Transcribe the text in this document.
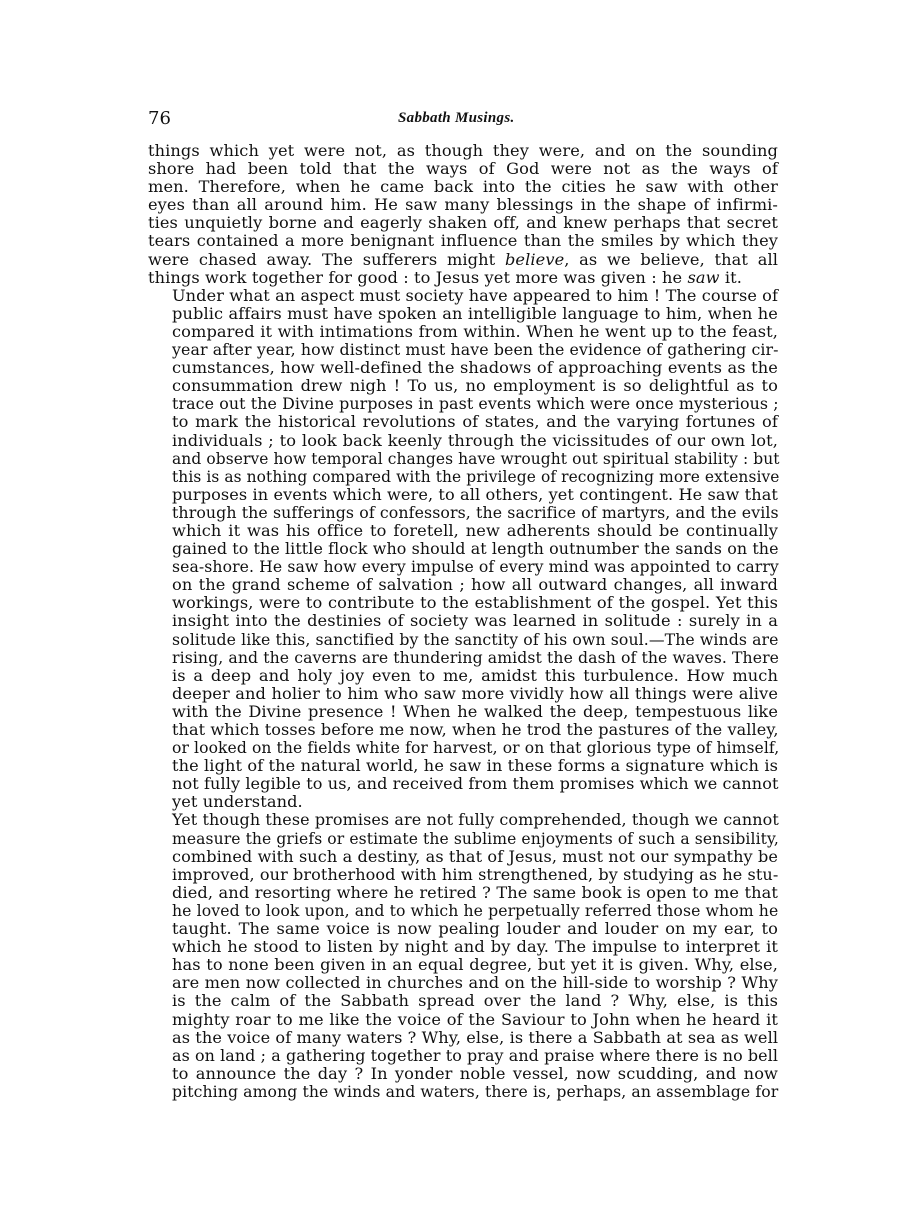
76	Sabbath Musings.

things which yet were not, as though they were, and on the sounding
shore had been told that the ways of God were not as the ways of
men. Therefore, when he came back into the cities he saw with other
eyes than all around him. He saw many blessings in the shape of infirmi-
ties unquietly borne and eagerly shaken off, and knew perhaps that secret
tears contained a more benignant influence than the smiles by which they
were chased away. The sufferers might believe, as we believe, that all
things work together for good : to Jesus yet more was given : he saw it.

Under what an aspect must society have appeared to him ! The course of
public affairs must have spoken an intelligible language to him, when he
compared it with intimations from within. When he went up to the feast,
year after year, how distinct must have been the evidence of gathering cir-
cumstances, how well-defined the shadows of approaching events as the
consummation drew nigh ! To us, no employment is so delightful as to
trace out the Divine purposes in past events which were once mysterious ;
to mark the historical revolutions of states, and the varying fortunes of
individuals ; to look back keenly through the vicissitudes of our own lot,
and observe how temporal changes have wrought out spiritual stability : but
this is as nothing compared with the privilege of recognizing more extensive
purposes in events which were, to all others, yet contingent. He saw that
through the sufferings of confessors, the sacrifice of martyrs, and the evils
which it was his office to foretell, new adherents should be continually
gained to the little flock who should at length outnumber the sands on the
sea-shore. He saw how every impulse of every mind was appointed to carry
on the grand scheme of salvation ; how all outward changes, all inward
workings, were to contribute to the establishment of the gospel. Yet this
insight into the destinies of society was learned in solitude : surely in a
solitude like this, sanctified by the sanctity of his own soul.—The winds are
rising, and the caverns are thundering amidst the dash of the waves. There
is a deep and holy joy even to me, amidst this turbulence. How much
deeper and holier to him who saw more vividly how all things were alive
with the Divine presence ! When he walked the deep, tempestuous like
that which tosses before me now, when he trod the pastures of the valley,
or looked on the fields white for harvest, or on that glorious type of himself,
the light of the natural world, he saw in these forms a signature which is
not fully legible to us, and received from them promises which we cannot
yet understand.

Yet though these promises are not fully comprehended, though we cannot
measure the griefs or estimate the sublime enjoyments of such a sensibility,
combined with such a destiny, as that of Jesus, must not our sympathy be
improved, our brotherhood with him strengthened, by studying as he stu-
died, and resorting where he retired ? The same book is open to me that
he loved to look upon, and to which he perpetually referred those whom he
taught. The same voice is now pealing louder and louder on my ear, to
which he stood to listen by night and by day. The impulse to interpret it
has to none been given in an equal degree, but yet it is given. Why, else,
are men now collected in churches and on the hill-side to worship ? Why
is the calm of the Sabbath spread over the land ? Why, else, is this
mighty roar to me like the voice of the Saviour to John when he heard it
as the voice of many waters ? Why, else, is there a Sabbath at sea as well
as on land ; a gathering together to pray and praise where there is no bell
to announce the day ? In yonder noble vessel, now scudding, and now
pitching among the winds and waters, there is, perhaps, an assemblage for
